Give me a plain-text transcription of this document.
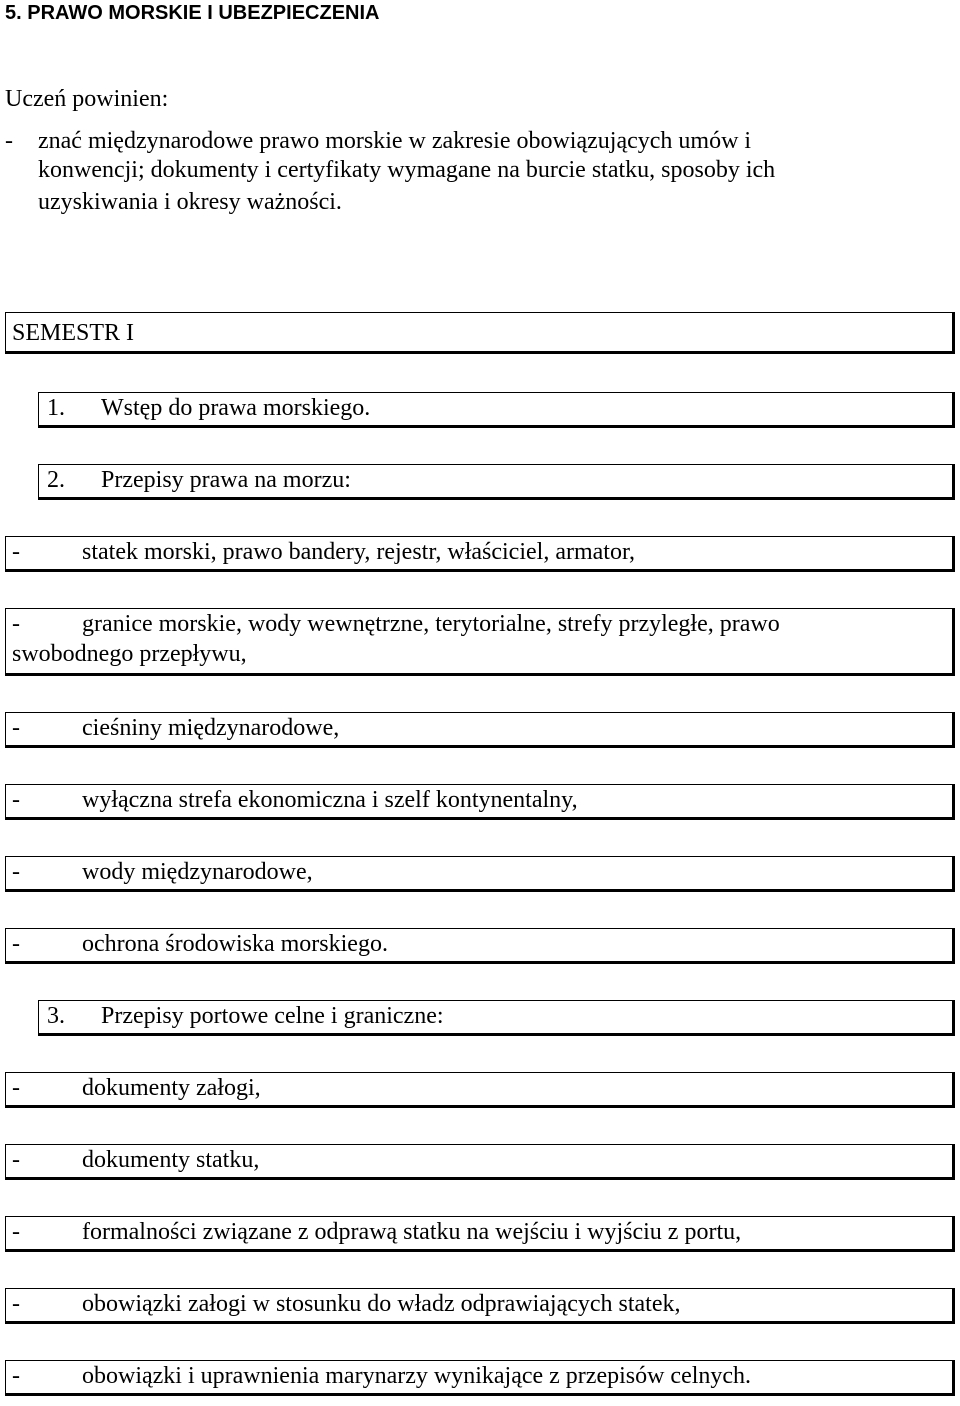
5. PRAWO MORSKIE I UBEZPIECZENIA
Uczeń powinien:
- znać międzynarodowe prawo morskie w zakresie obowiązujących umów i
konwencji; dokumenty i certyfikaty wymagane na burcie statku, sposoby ich
uzyskiwania i okresy ważności.
SEMESTR I
1. Wstęp do prawa morskiego.
2. Przepisy prawa na morzu:
-	statek morski, prawo bandery, rejestr, właściciel, armator,
-	granice morskie, wody wewnętrzne, terytorialne, strefy przyległe, prawo
swobodnego przepływu,
-	cieśniny międzynarodowe,
-	wyłączna strefa ekonomiczna i szelf kontynentalny,
-	wody międzynarodowe,
-	ochrona środowiska morskiego.
3. Przepisy portowe celne i graniczne:
-	dokumenty załogi,
-	dokumenty statku,
-	formalności związane z odprawą statku na wejściu i wyjściu z portu,
-	obowiązki załogi w stosunku do władz odprawiających statek,
-	obowiązki i uprawnienia marynarzy wynikające z przepisów celnych.
